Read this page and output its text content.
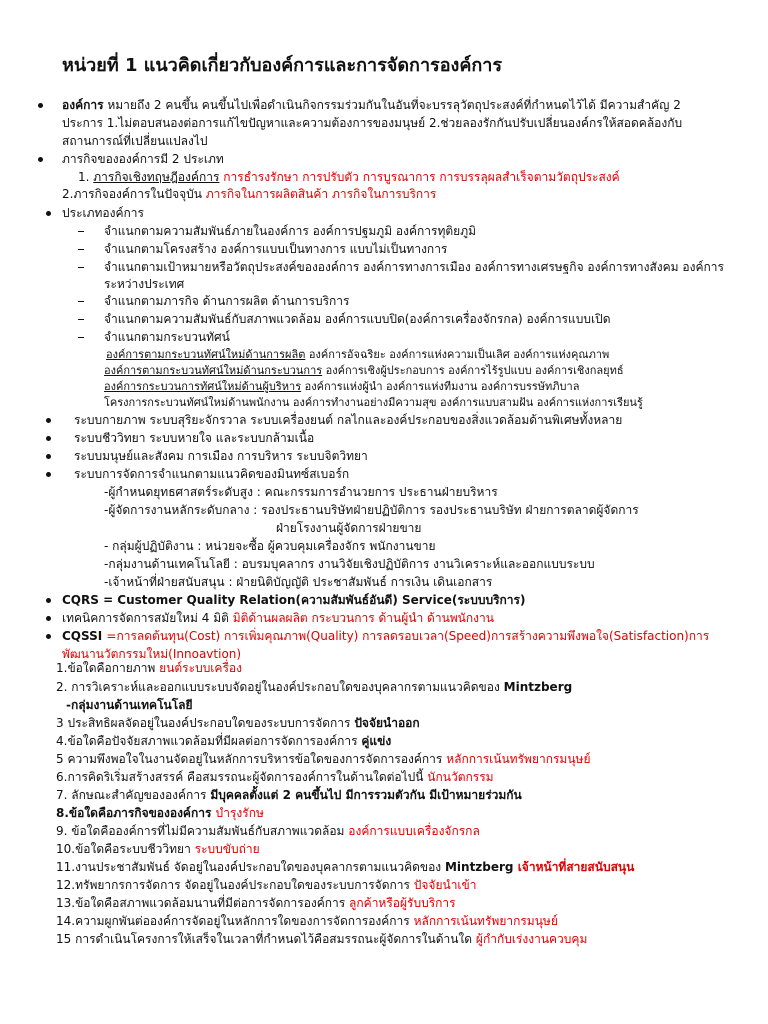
หน่วยที่ 1 แนวคิดเกี่ยวกับองค์การและการจัดการองค์การ
องค์การ หมายถึง 2 คนขึ้น คนขึ้นไปเพื่อดำเนินกิจกรรมร่วมกันในอันที่จะบรรลุวัตถุประสงค์ที่กำหนดไว้ได้ มีความสำคัญ 2
ประการ 1.ไม่ตอบสนองต่อการแก้ไขปัญหาและความต้องการของมนุษย์ 2.ช่วยลองรักกันปรับเปลี่ยนองค์กรให้สอดคล้องกับ
สถานการณ์ที่เปลี่ยนแปลงไป
ภารกิจขององค์การมี 2 ประเภท
1. ภารกิจเชิงทฤษฎีองค์การ การธำรงรักษา การปรับตัว การบูรณาการ การบรรลุผลสำเร็จตามวัตถุประสงค์
2.ภารกิจองค์การในปัจจุบัน ภารกิจในการผลิตสินค้า ภารกิจในการบริการ
ประเภทองค์การ
จำแนกตามความสัมพันธ์ภายในองค์การ องค์การปฐมภูมิ องค์การทุติยภูมิ
จำแนกตามโครงสร้าง องค์การแบบเป็นทางการ แบบไม่เป็นทางการ
จำแนกตามเป้าหมายหรือวัตถุประสงค์ขององค์การ องค์การทางการเมือง องค์การทางเศรษฐกิจ องค์การทางสังคม องค์การ
ระหว่างประเทศ
จำแนกตามภารกิจ ด้านการผลิต ด้านการบริการ
จำแนกตามความสัมพันธ์กับสภาพแวดล้อม องค์การแบบปิด(องค์การเครื่องจักรกล) องค์การแบบเปิด
จำแนกตามกระบวนทัศน์
องค์การตามกระบวนทัศน์ใหม่ด้านการผลิต องค์การอัจฉริยะ องค์การแห่งความเป็นเลิศ องค์การแห่งคุณภาพ
องค์การตามกระบวนทัศน์ใหม่ด้านกระบวนการ องค์การเชิงผู้ประกอบการ องค์การไร้รูปแบบ องค์การเชิงกลยุทธ์
องค์การกระบวนการทัศน์ใหม่ด้านผู้บริหาร องค์การแห่งผู้นำ องค์การแห่งทีมงาน องค์การบรรษัทภิบาล
โครงการกระบวนทัศน์ใหม่ด้านพนักงาน องค์การทำงานอย่างมีความสุข องค์การแบบสามฝัน องค์การแห่งการเรียนรู้
ระบบกายภาพ ระบบสุริยะจักรวาล ระบบเครื่องยนต์ กลไกและองค์ประกอบของสิ่งแวดล้อมด้านพิเศษทั้งหลาย
ระบบชีววิทยา ระบบหายใจ และระบบกล้ามเนื้อ
ระบบมนุษย์และสังคม การเมือง การบริหาร ระบบจิตวิทยา
ระบบการจัดการจำแนกตามแนวคิดของมินทซ์สเบอร์ก
-ผู้กำหนดยุทธศาสตร์ระดับสูง : คณะกรรมการอำนวยการ ประธานฝ่ายบริหาร
-ผู้จัดการงานหลักระดับกลาง : รองประธานบริษัทฝ่ายปฏิบัติการ รองประธานบริษัท ฝ่ายการตลาดผู้จัดการ
ฝ่ายโรงงานผู้จัดการฝ่ายขาย
- กลุ่มผู้ปฏิบัติงาน : หน่วยจะซื้อ ผู้ควบคุมเครื่องจักร พนักงานขาย
-กลุ่มงานด้านเทคโนโลยี : อบรมบุคลากร งานวิจัยเชิงปฏิบัติการ งานวิเคราะห์และออกแบบระบบ
-เจ้าหน้าที่ฝ่ายสนับสนุน : ฝ่ายนิติบัญญัติ ประชาสัมพันธ์ การเงิน เดินเอกสาร
CQRS = Customer Quality Relation(ความสัมพันธ์อันดี) Service(ระบบบริการ)
เทคนิคการจัดการสมัยใหม่ 4 มิติ มิติด้านผลผลิต กระบวนการ ด้านผู้นำ ด้านพนักงาน
CQSSI =การลดต้นทุน(Cost) การเพิ่มคุณภาพ(Quality) การลดรอบเวลา(Speed)การสร้างความพึงพอใจ(Satisfaction)การ
พัฒนานวัตกรรมใหม่(Innoavtion)
1.ข้อใดคือกายภาพ ยนต์ระบบเครื่อง
2. การวิเคราะห์และออกแบบระบบจัดอยู่ในองค์ประกอบใดของบุคลากรตามแนวคิดของ Mintzberg
-กลุ่มงานด้านเทคโนโลยี
3 ประสิทธิผลจัดอยู่ในองค์ประกอบใดของระบบการจัดการ ปัจจัยนำออก
4.ข้อใดคือปัจจัยสภาพแวดล้อมที่มีผลต่อการจัดการองค์การ คู่แข่ง
5 ความพึงพอใจในงานจัดอยู่ในหลักการบริหารข้อใดของการจัดการองค์การ หลักการเน้นทรัพยากรมนุษย์
6.การคิดริเริ่มสร้างสรรค์ คือสมรรถนะผู้จัดการองค์การในด้านใดต่อไปนี้ นักนวัตกรรม
7. ลักษณะสำคัญขององค์การ มีบุคคลตั้งแต่ 2 คนขึ้นไป มีการรวมตัวกัน มีเป้าหมายร่วมกัน
8.ข้อใดคือภารกิจขององค์การ บำรุงรักษ
9. ข้อใดคือองค์การที่ไม่มีความสัมพันธ์กับสภาพแวดล้อม องค์การแบบเครื่องจักรกล
10.ข้อใดคือระบบชีววิทยา ระบบขับถ่าย
11.งานประชาสัมพันธ์ จัดอยู่ในองค์ประกอบใดของบุคลากรตามแนวคิดของ Mintzberg เจ้าหน้าที่สายสนับสนุน
12.ทรัพยากรการจัดการ จัดอยู่ในองค์ประกอบใดของระบบการจัดการ ปัจจัยนำเข้า
13.ข้อใดคือสภาพแวดล้อมนานที่มีต่อการจัดการองค์การ ลูกค้าหรือผู้รับบริการ
14.ความผูกพันต่อองค์การจัดอยู่ในหลักการใดของการจัดการองค์การ หลักการเน้นทรัพยากรมนุษย์
15 การดำเนินโครงการให้เสร็จในเวลาที่กำหนดไว้คือสมรรถนะผู้จัดการในด้านใด ผู้กำกับเร่งงานควบคุม
